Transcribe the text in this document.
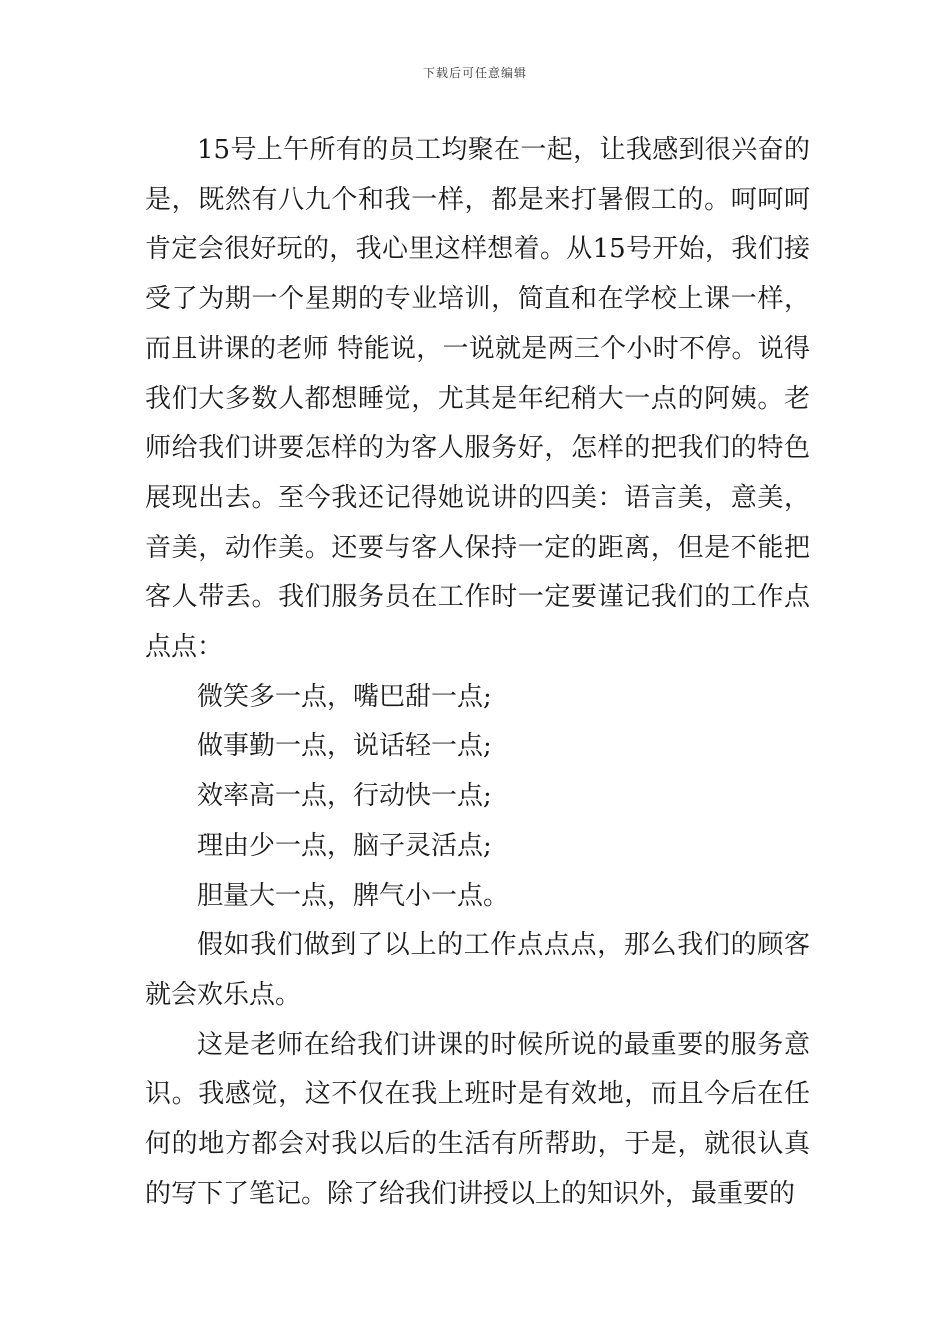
下载后可任意编辑

15号上午所有的员工均聚在一起，让我感到很兴奋的是，既然有八九个和我一样，都是来打暑假工的。呵呵呵肯定会很好玩的，我心里这样想着。从15号开始，我们接受了为期一个星期的专业培训，简直和在学校上课一样，而且讲课的老师 特能说，一说就是两三个小时不停。说得我们大多数人都想睡觉，尤其是年纪稍大一点的阿姨。老师给我们讲要怎样的为客人服务好，怎样的把我们的特色展现出去。至今我还记得她说讲的四美：语言美，意美，音美，动作美。还要与客人保持一定的距离，但是不能把客人带丢。我们服务员在工作时一定要谨记我们的工作点点点：

微笑多一点，嘴巴甜一点;
做事勤一点，说话轻一点;
效率高一点，行动快一点;
理由少一点，脑子灵活点;
胆量大一点，脾气小一点。

假如我们做到了以上的工作点点点，那么我们的顾客就会欢乐点。

这是老师在给我们讲课的时候所说的最重要的服务意识。我感觉，这不仅在我上班时是有效地，而且今后在任何的地方都会对我以后的生活有所帮助，于是，就很认真的写下了笔记。除了给我们讲授以上的知识外，最重要的
